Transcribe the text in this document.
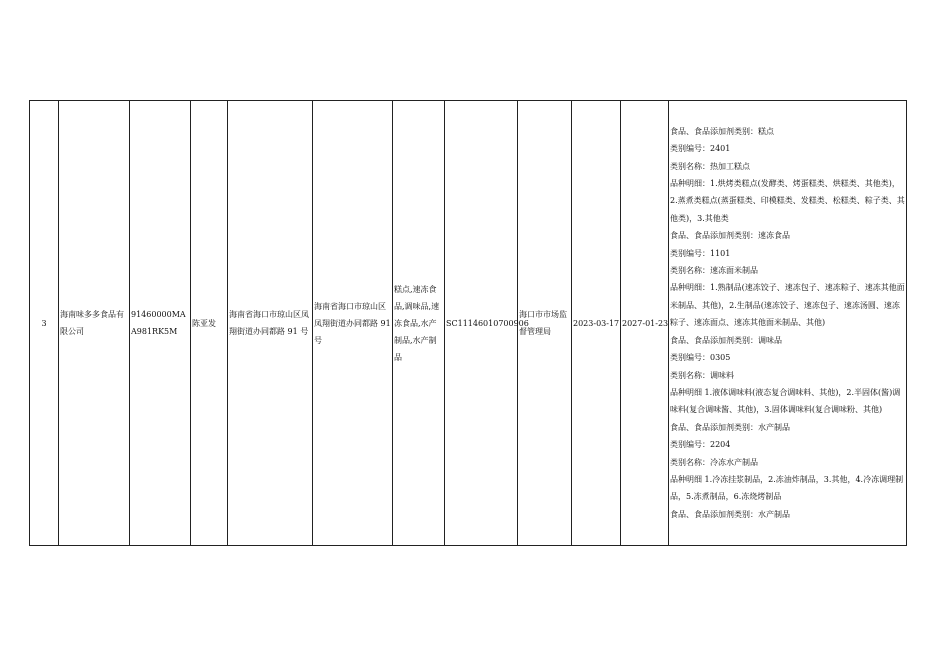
3	海南味多多食品有限公司	91460000MAA981RK5M	陈亚发	海南省海口市琼山区凤翔街道办同都路 91 号	海南省海口市琼山区凤翔街道办同都路 91 号	糕点,速冻食品,调味品,速冻食品,水产制品,水产制品	SC11146010700906	海口市市场监督管理局	2023-03-17	2027-01-23	
食品、食品添加剂类别：糕点
类别编号：2401
类别名称：热加工糕点
品种明细：1.烘烤类糕点(发酵类、烤蛋糕类、烘糕类、其他类)，2.蒸煮类糕点(蒸蛋糕类、印模糕类、发糕类、松糕类、粽子类、其他类)，3.其他类
食品、食品添加剂类别：速冻食品
类别编号：1101
类别名称：速冻面米制品
品种明细：1.熟制品(速冻饺子、速冻包子、速冻粽子、速冻其他面米制品、其他)，2.生制品(速冻饺子、速冻包子、速冻汤圆、速冻粽子、速冻面点、速冻其他面米制品、其他)
食品、食品添加剂类别：调味品
类别编号：0305
类别名称：调味料
品种明细 1.液体调味料(液态复合调味料、其他)，2.半固体(酱)调味料(复合调味酱、其他)，3.固体调味料(复合调味粉、其他)
食品、食品添加剂类别：水产制品
类别编号：2204
类别名称：冷冻水产制品
品种明细 1.冷冻挂浆制品，2.冻油炸制品，3.其他，4.冷冻调理制品，5.冻煮制品，6.冻烧烤制品
食品、食品添加剂类别：水产制品
